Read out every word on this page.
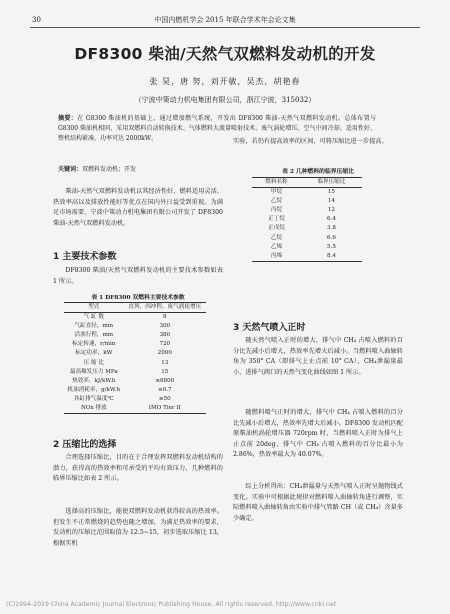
30	中国内燃机学会 2015 年联合学术年会论文集
DF8300 柴油/天然气双燃料发动机的开发
张 昊，唐 努，刘开敏，吴杰，胡艳春
（宁波中策动力机电集团有限公司，浙江宁波，315032）
摘要：在 G8300 柴油机的基础上，通过增加燃气系统，开发出 DF8300 柴油-天然气双燃料发动机。总体布置与 G8300 柴油机相同，采用双燃料自动转换技术、气体燃料大流量喷射技术、废气涡轮增压、空气中间冷却、适用性好、整机结构紧凑，功率可达 2000kW。
关键词：双燃料发动机；开发
柴油-天然气双燃料发动机以其经济性好、燃料适用灵活、热效率高以及排放性能好等优点在国内外日益受到重视。为满足市场需要，宁波中策动力机电集团有限公司开发了 DF8300 柴油-天然气双燃料发动机。
1 主要技术参数
DF8300 柴油/天然气双燃料发动机的主要技术参数如表 1 所示。
表 1 DF8300 双燃料主要技术参数
型式	直列、四冲程、废气涡轮增压
气 缸 数	8
气缸直径，mm	300
活塞行程，mm	380
标定转速，r/min	720
标定功率，kW	2000
压 缩 比	13
最高爆发压力 MPa	15
热效率，kJ/kW.h	≤8800
机油消耗率，g/kW.h	≤0.7
各缸排气温度℃	≤50
NOx 排放	IMO Tier II
2 压缩比的选择
合理选择压缩比，目的在于合理发挥双燃料发动机结构的潜力，获得高的热效率和可承受的平均有效压力，几种燃料的临界压缩比如表 2 所示。
选择高的压缩比，能使双燃料发动机获得较高的热效率。但发生不正常燃烧的趋势也随之增加，为满足热效率的要求，发动机的压缩比范围取值为 12.5~15，初步选取压缩比 13，根据实机
实验，若仍有提高效率的区间，可将压缩比进一步提高。
表 2 几种燃料的临界压缩比
燃料名称	临界压缩比
甲烷	15
乙烷	14
丙烷	12
正丁烷	6.4
正戊烷	3.8
乙烷	6.6
乙烯	5.5
丙烯	8.4
3 天然气喷入正时
随天然气喷入正时的增大，排气中 CH₄ 占喷入燃料的百分比先减小后增大，热效率先增大后减小。当燃料喷入曲轴转角为 350° CA（即排气上止点前 10° CA），CH₄泄漏量最小，进排气阀口的天然气变化曲线如图 1 所示。
随燃料喷气正时的增大，排气中 CH₄ 占喷入燃料的百分比先减小后增大，热效率先增大后减小。DF8300 发动机匹配原柴油机涡轮增压器 720rpm 时，当燃料喷入正时为排气上止点前 20deg，排气中 CH₄ 占喷入燃料的百分比最小为 2.86%，热效率最大为 40.07%。
综上分析得出：CH₄泄漏量与天然气喷入正时呈抛物线式变化。实验中可根据此规律对燃料喷入曲轴转角进行调整，实际燃料喷入曲轴转角由实验中排气管路 CH（或 CH₄）含量多少确定。
(C)1994-2019 China Academic Journal Electronic Publishing House. All rights reserved. http://www.cnki.net
